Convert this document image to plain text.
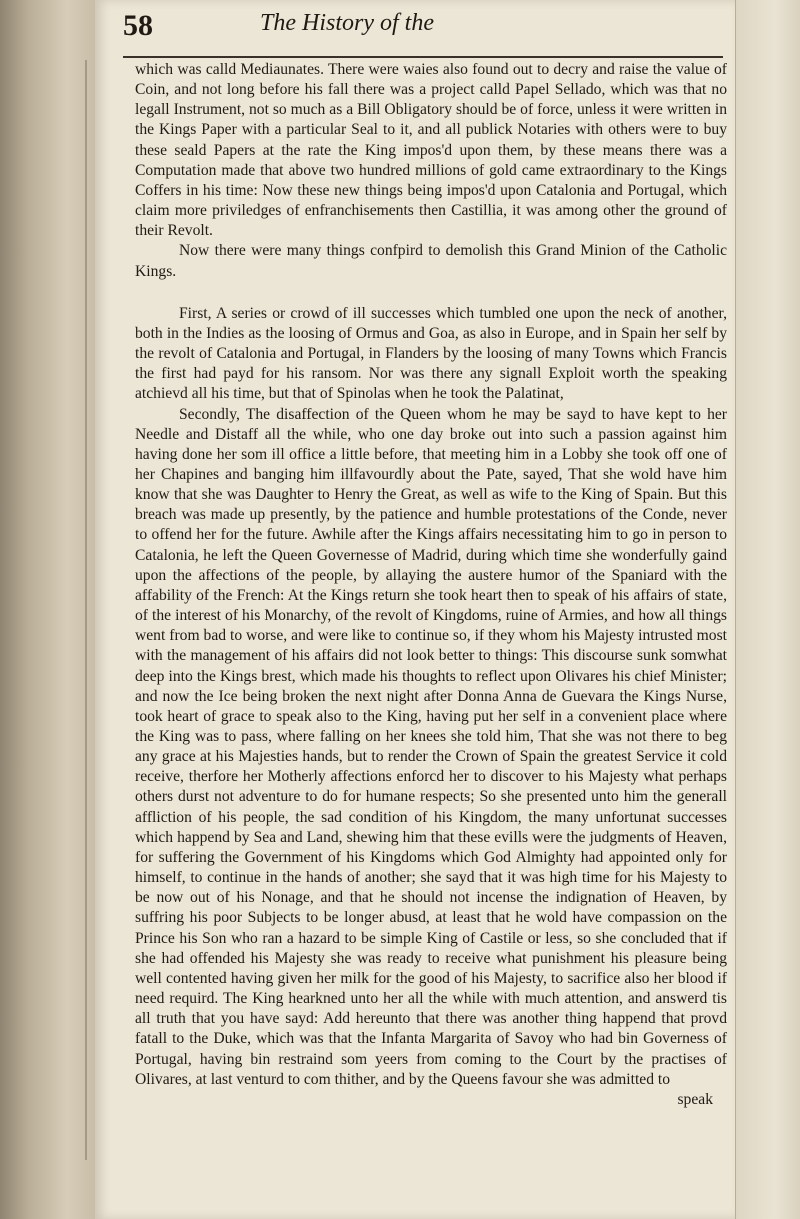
58	The History of the

which was calld Mediaunates. There were waies also found out to decry and raise the value of Coin, and not long before his fall there was a project calld Papel Sellado, which was that no legall Instrument, not so much as a Bill Obligatory should be of force, unless it were written in the Kings Paper with a particular Seal to it, and all publick Notaries with others were to buy these seald Papers at the rate the King impos'd upon them, by these means there was a Computation made that above two hundred millions of gold came extraordinary to the Kings Coffers in his time: Now these new things being impos'd upon Catalonia and Portugal, which claim more priviledges of enfranchisements then Castillia, it was among other the ground of their Revolt.

Now there were many things confpird to demolish this Grand Minion of the Catholic Kings.

First, A series or crowd of ill successes which tumbled one upon the neck of another, both in the Indies as the loosing of Ormus and Goa, as also in Europe, and in Spain her self by the revolt of Catalonia and Portugal, in Flanders by the loosing of many Towns which Francis the first had payd for his ransom. Nor was there any signall Exploit worth the speaking atchievd all his time, but that of Spinolas when he took the Palatinat,

Secondly, The disaffection of the Queen whom he may be sayd to have kept to her Needle and Distaff all the while, who one day broke out into such a passion against him having done her som ill office a little before, that meeting him in a Lobby she took off one of her Chapines and banging him illfavourdly about the Pate, sayed, That she wold have him know that she was Daughter to Henry the Great, as well as wife to the King of Spain. But this breach was made up presently, by the patience and humble protestations of the Conde, never to offend her for the future. Awhile after the Kings affairs necessitating him to go in person to Catalonia, he left the Queen Governesse of Madrid, during which time she wonderfully gaind upon the affections of the people, by allaying the austere humor of the Spaniard with the affability of the French: At the Kings return she took heart then to speak of his affairs of state, of the interest of his Monarchy, of the revolt of Kingdoms, ruine of Armies, and how all things went from bad to worse, and were like to continue so, if they whom his Majesty intrusted most with the management of his affairs did not look better to things: This discourse sunk somwhat deep into the Kings brest, which made his thoughts to reflect upon Olivares his chief Minister; and now the Ice being broken the next night after Donna Anna de Guevara the Kings Nurse, took heart of grace to speak also to the King, having put her self in a convenient place where the King was to pass, where falling on her knees she told him, That she was not there to beg any grace at his Majesties hands, but to render the Crown of Spain the greatest Service it cold receive, therfore her Motherly affections enforcd her to discover to his Majesty what perhaps others durst not adventure to do for humane respects; So she presented unto him the generall affliction of his people, the sad condition of his Kingdom, the many unfortunat successes which happend by Sea and Land, shewing him that these evills were the judgments of Heaven, for suffering the Government of his Kingdoms which God Almighty had appointed only for himself, to continue in the hands of another; she sayd that it was high time for his Majesty to be now out of his Nonage, and that he should not incense the indignation of Heaven, by suffring his poor Subjects to be longer abusd, at least that he wold have compassion on the Prince his Son who ran a hazard to be simple King of Castile or less, so she concluded that if she had offended his Majesty she was ready to receive what punishment his pleasure being well contented having given her milk for the good of his Majesty, to sacrifice also her blood if need requird. The King hearkned unto her all the while with much attention, and answerd tis all truth that you have sayd: Add hereunto that there was another thing happend that provd fatall to the Duke, which was that the Infanta Margarita of Savoy who had bin Governess of Portugal, having bin restraind som yeers from coming to the Court by the practises of Olivares, at last venturd to com thither, and by the Queens favour she was admitted to

speak
